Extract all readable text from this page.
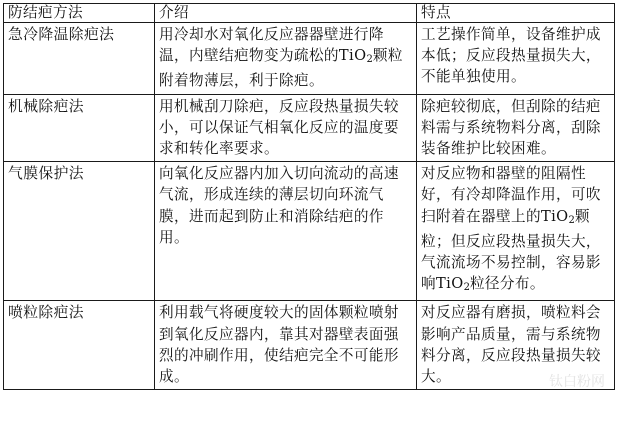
防结疤方法	介绍	特点
急冷降温除疤法	用冷却水对氧化反应器器壁进行降温，内壁结疤物变为疏松的TiO$_2$颗粒附着物薄层，利于除疤。	工艺操作简单，设备维护成本低；反应段热量损失大，不能单独使用。
机械除疤法	用机械刮刀除疤，反应段热量损失较小，可以保证气相氧化反应的温度要求和转化率要求。	除疤较彻底，但刮除的结疤料需与系统物料分离，刮除装备维护比较困难。
气膜保护法	向氧化反应器内加入切向流动的高速气流，形成连续的薄层切向环流气膜，进而起到防止和消除结疤的作用。	对反应物和器壁的阻隔性好，有冷却降温作用，可吹扫附着在器壁上的TiO$_2$颗粒；但反应段热量损失大，气流流场不易控制，容易影响TiO$_2$粒径分布。
喷粒除疤法	利用载气将硬度较大的固体颗粒喷射到氧化反应器内，靠其对器壁表面强烈的冲刷作用，使结疤完全不可能形成。	对反应器有磨损，喷粒料会影响产品质量，需与系统物料分离，反应段热量损失较大。	钛白粉网
